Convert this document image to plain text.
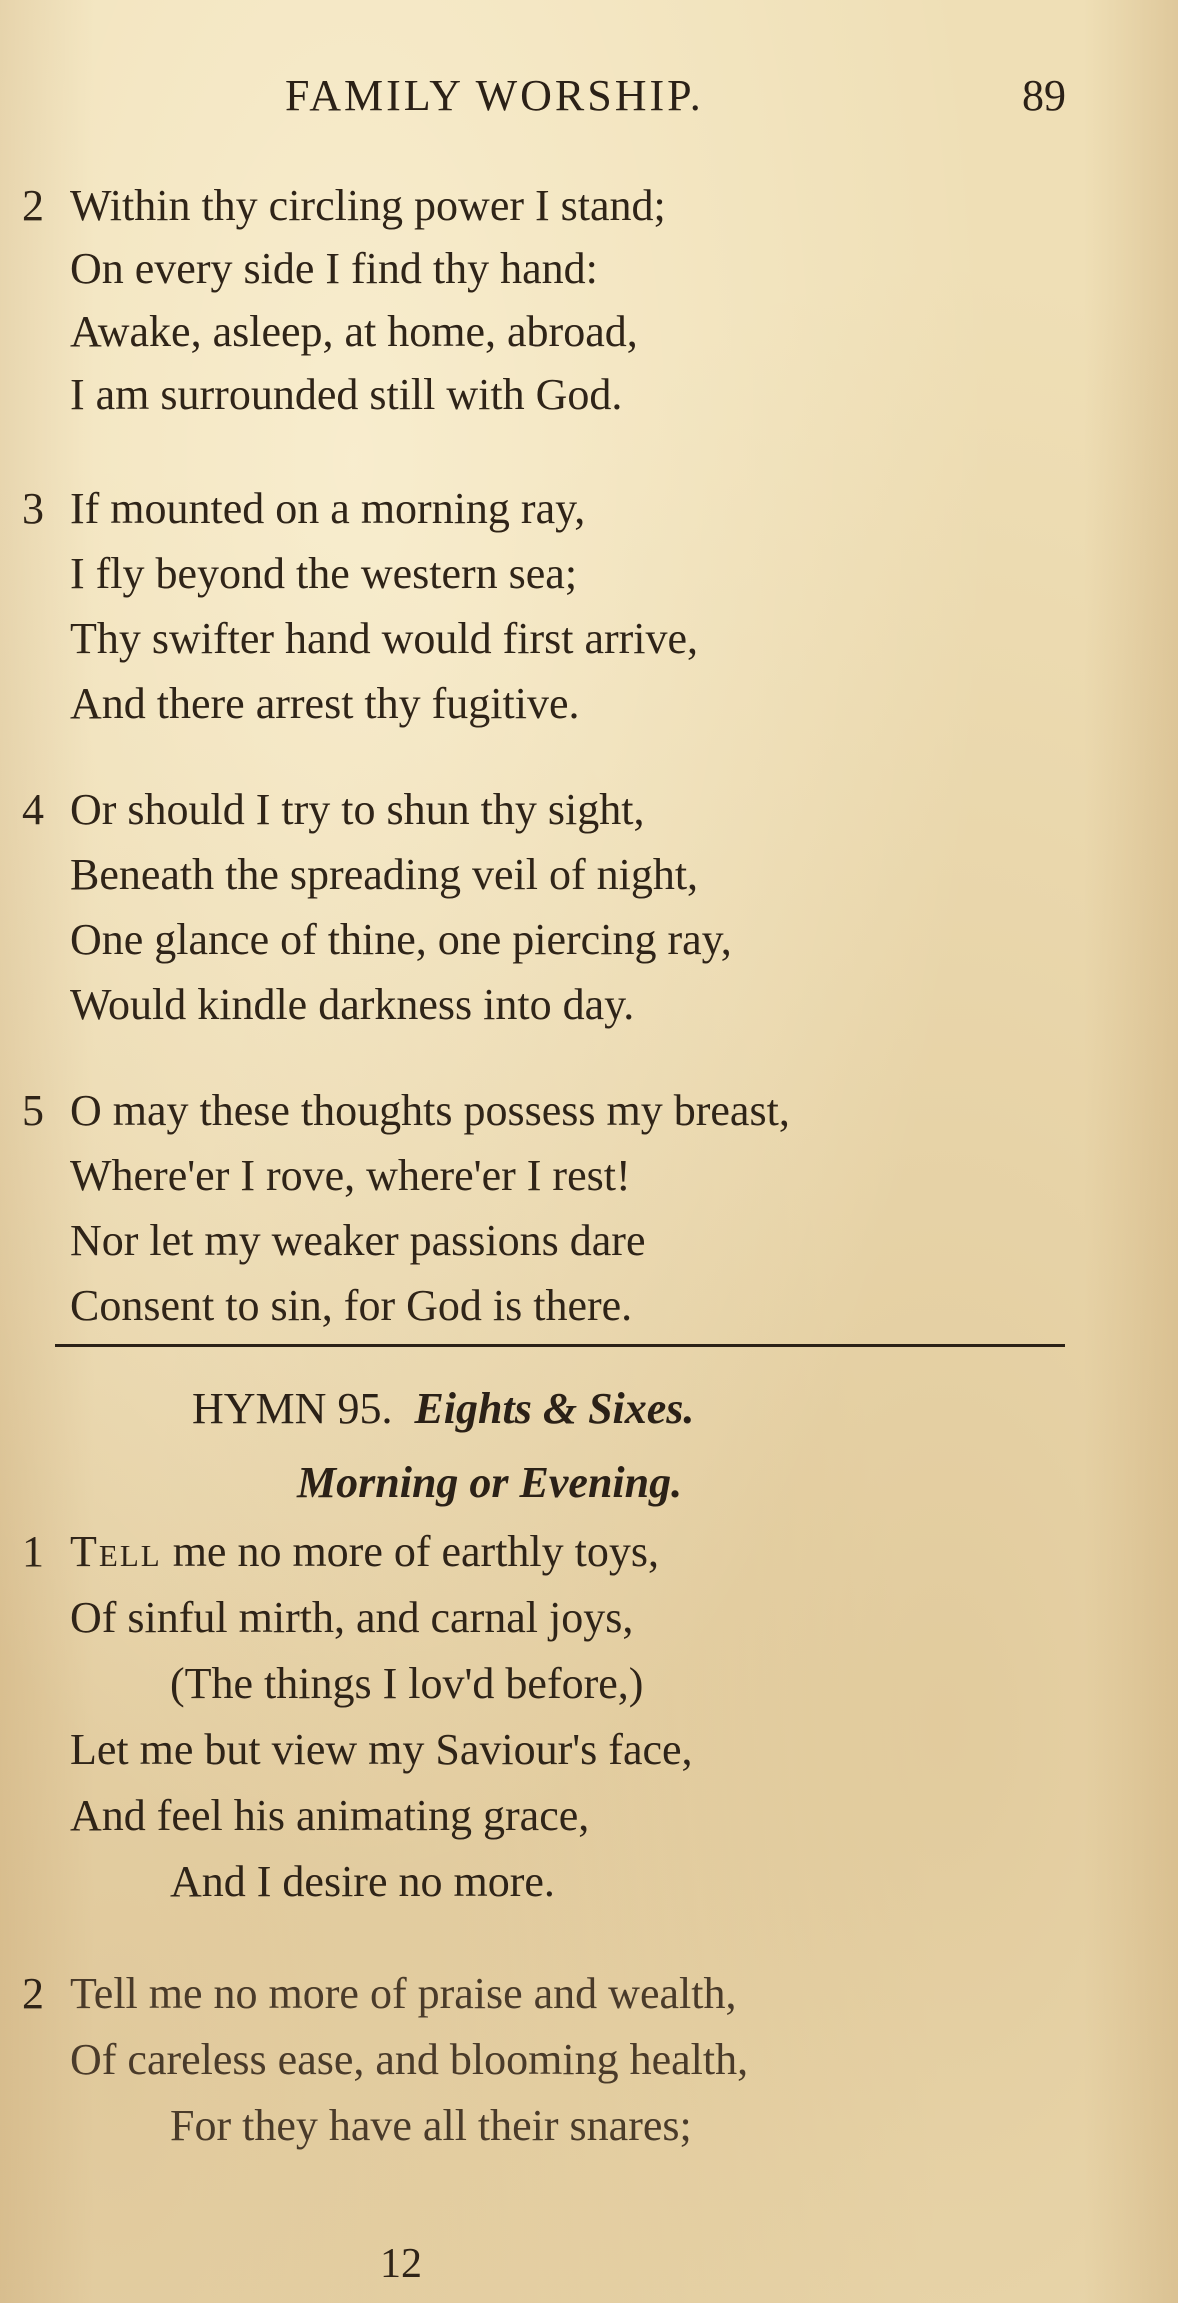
FAMILY WORSHIP.	89
2 Within thy circling power I stand;
On every side I find thy hand:
Awake, asleep, at home, abroad,
I am surrounded still with God.
3 If mounted on a morning ray,
I fly beyond the western sea;
Thy swifter hand would first arrive,
And there arrest thy fugitive.
4 Or should I try to shun thy sight,
Beneath the spreading veil of night,
One glance of thine, one piercing ray,
Would kindle darkness into day.
5 O may these thoughts possess my breast,
Where'er I rove, where'er I rest!
Nor let my weaker passions dare
Consent to sin, for God is there.
HYMN 95. Eights & Sixes.
Morning or Evening.
1 Tell me no more of earthly toys,
Of sinful mirth, and carnal joys,
(The things I lov'd before,)
Let me but view my Saviour's face,
And feel his animating grace,
And I desire no more.
2 Tell me no more of praise and wealth,
Of careless ease, and blooming health,
For they have all their snares;
12
